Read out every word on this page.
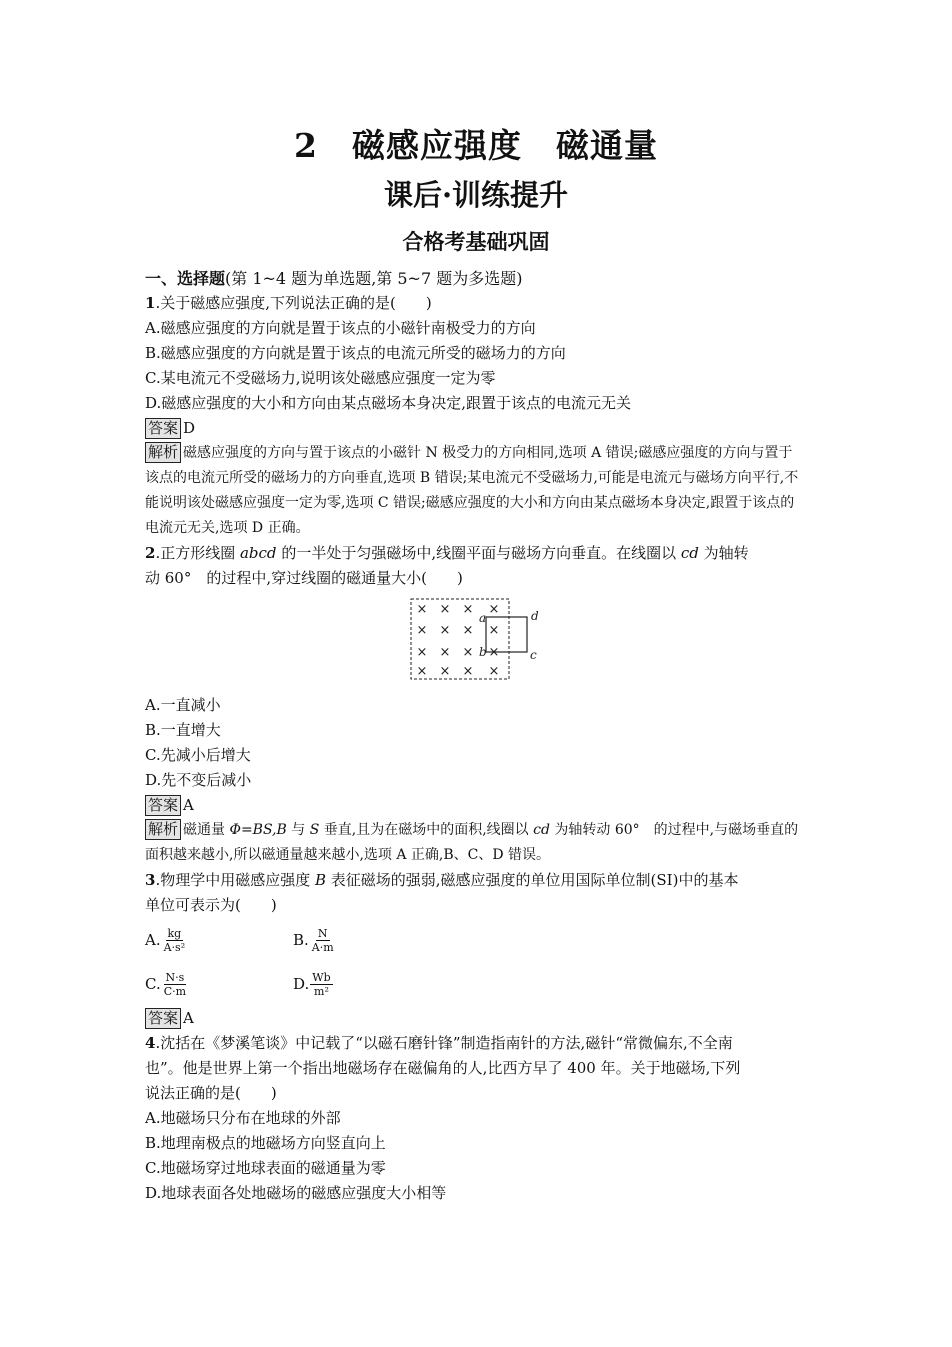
2　磁感应强度　磁通量
课后·训练提升
合格考基础巩固
一、选择题(第 1~4 题为单选题,第 5~7 题为多选题)
1.关于磁感应强度,下列说法正确的是(　　)
A.磁感应强度的方向就是置于该点的小磁针南极受力的方向
B.磁感应强度的方向就是置于该点的电流元所受的磁场力的方向
C.某电流元不受磁场力,说明该处磁感应强度一定为零
D.磁感应强度的大小和方向由某点磁场本身决定,跟置于该点的电流元无关
答案 D
解析 磁感应强度的方向与置于该点的小磁针 N 极受力的方向相同,选项 A 错误;磁感应强度的方向与置于该点的电流元所受的磁场力的方向垂直,选项 B 错误;某电流元不受磁场力,可能是电流元与磁场方向平行,不能说明该处磁感应强度一定为零,选项 C 错误;磁感应强度的大小和方向由某点磁场本身决定,跟置于该点的电流元无关,选项 D 正确。
2.正方形线圈 abcd 的一半处于匀强磁场中,线圈平面与磁场方向垂直。在线圈以 cd 为轴转
动 60°　的过程中,穿过线圈的磁通量大小(　　)
× × × ×
× × × ×
× × × ×
× × × ×
a
b	c
d
A.一直减小
B.一直增大
C.先减小后增大
D.先不变后减小
答案 A
解析 磁通量 Φ=BS,B 与 S 垂直,且为在磁场中的面积,线圈以 cd 为轴转动 60°　的过程中,与磁场垂直的面积越来越小,所以磁通量越来越小,选项 A 正确,B、C、D 错误。
3.物理学中用磁感应强度 B 表征磁场的强弱,磁感应强度的单位用国际单位制(SI)中的基本
单位可表示为(　　)
A. $\frac{kg}{\text{A·s²}}$	B. $\frac{N}{A\cdot m}$
C. $\frac{N\cdot s}{C\cdot m}$	D. $\frac{Wb}{\text{m²}}$
答案 A
4.沈括在《梦溪笔谈》中记载了“以磁石磨针锋”制造指南针的方法,磁针“常微偏东,不全南
也”。他是世界上第一个指出地磁场存在磁偏角的人,比西方早了 400 年。关于地磁场,下列
说法正确的是(　　)
A.地磁场只分布在地球的外部
B.地理南极点的地磁场方向竖直向上
C.地磁场穿过地球表面的磁通量为零
D.地球表面各处地磁场的磁感应强度大小相等
